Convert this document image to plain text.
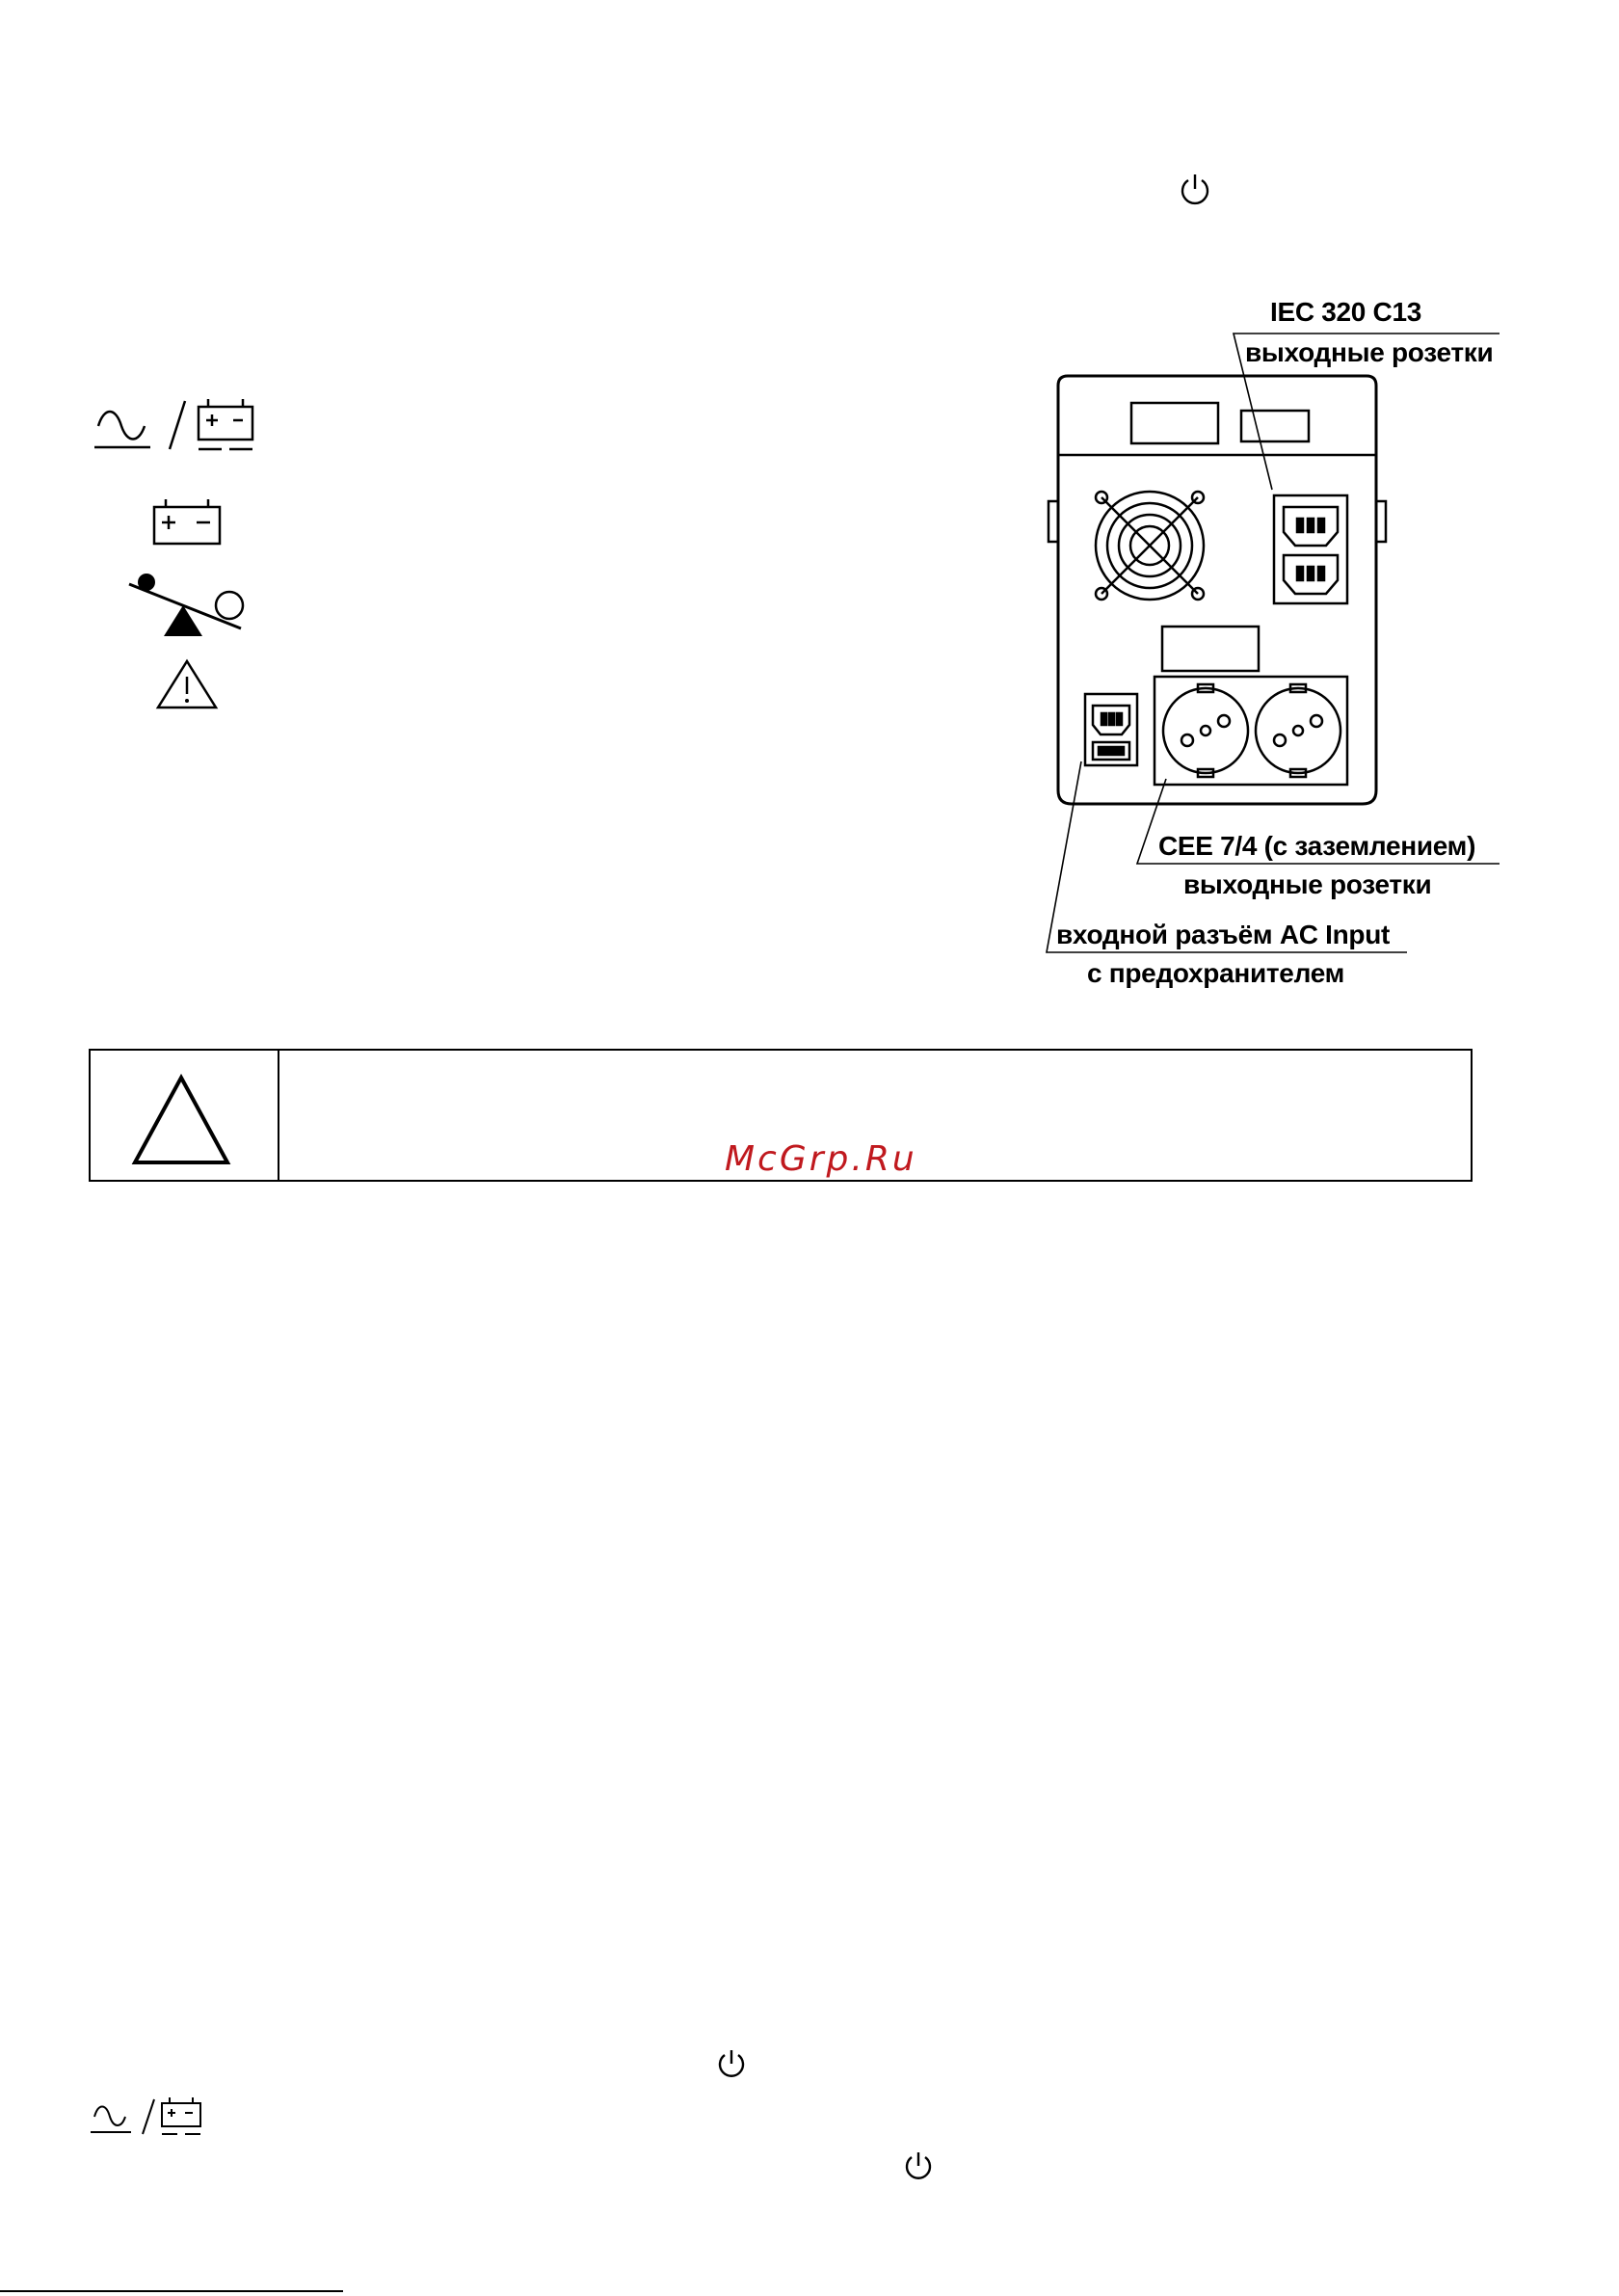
IEC 320 C13
выходные розетки
CEE 7/4 (с заземлением)
выходные розетки
входной разъём AC Input
с предохранителем
McGrp.Ru
